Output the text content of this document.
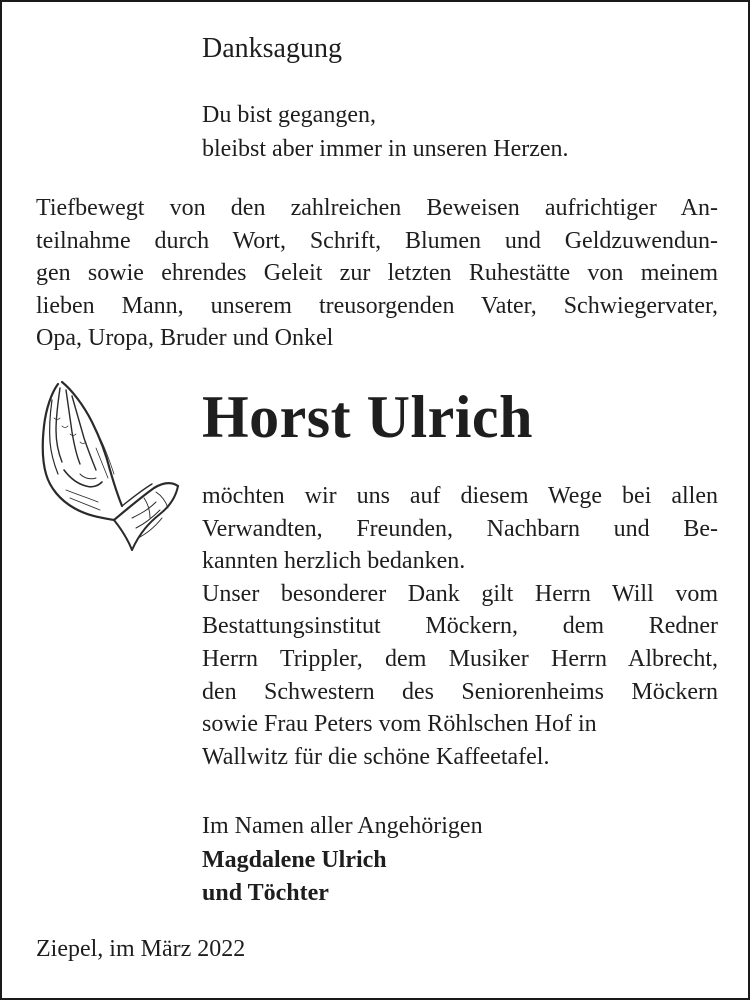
Danksagung

Du bist gegangen,
bleibst aber immer in unseren Herzen.

Tiefbewegt von den zahlreichen Beweisen aufrichtiger An-
teilnahme durch Wort, Schrift, Blumen und Geldzuwendun-
gen sowie ehrendes Geleit zur letzten Ruhestätte von meinem
lieben Mann, unserem treusorgenden Vater, Schwiegervater,
Opa, Uropa, Bruder und Onkel

Horst Ulrich

möchten wir uns auf diesem Wege bei allen
Verwandten, Freunden, Nachbarn und Be-
kannten herzlich bedanken.
Unser besonderer Dank gilt Herrn Will vom
Bestattungsinstitut Möckern, dem Redner
Herrn Trippler, dem Musiker Herrn Albrecht,
den Schwestern des Seniorenheims Möckern
sowie Frau Peters vom Röhlschen Hof in
Wallwitz für die schöne Kaffeetafel.
Im Namen aller Angehörigen
Magdalene Ulrich
und Töchter

Ziepel, im März 2022
